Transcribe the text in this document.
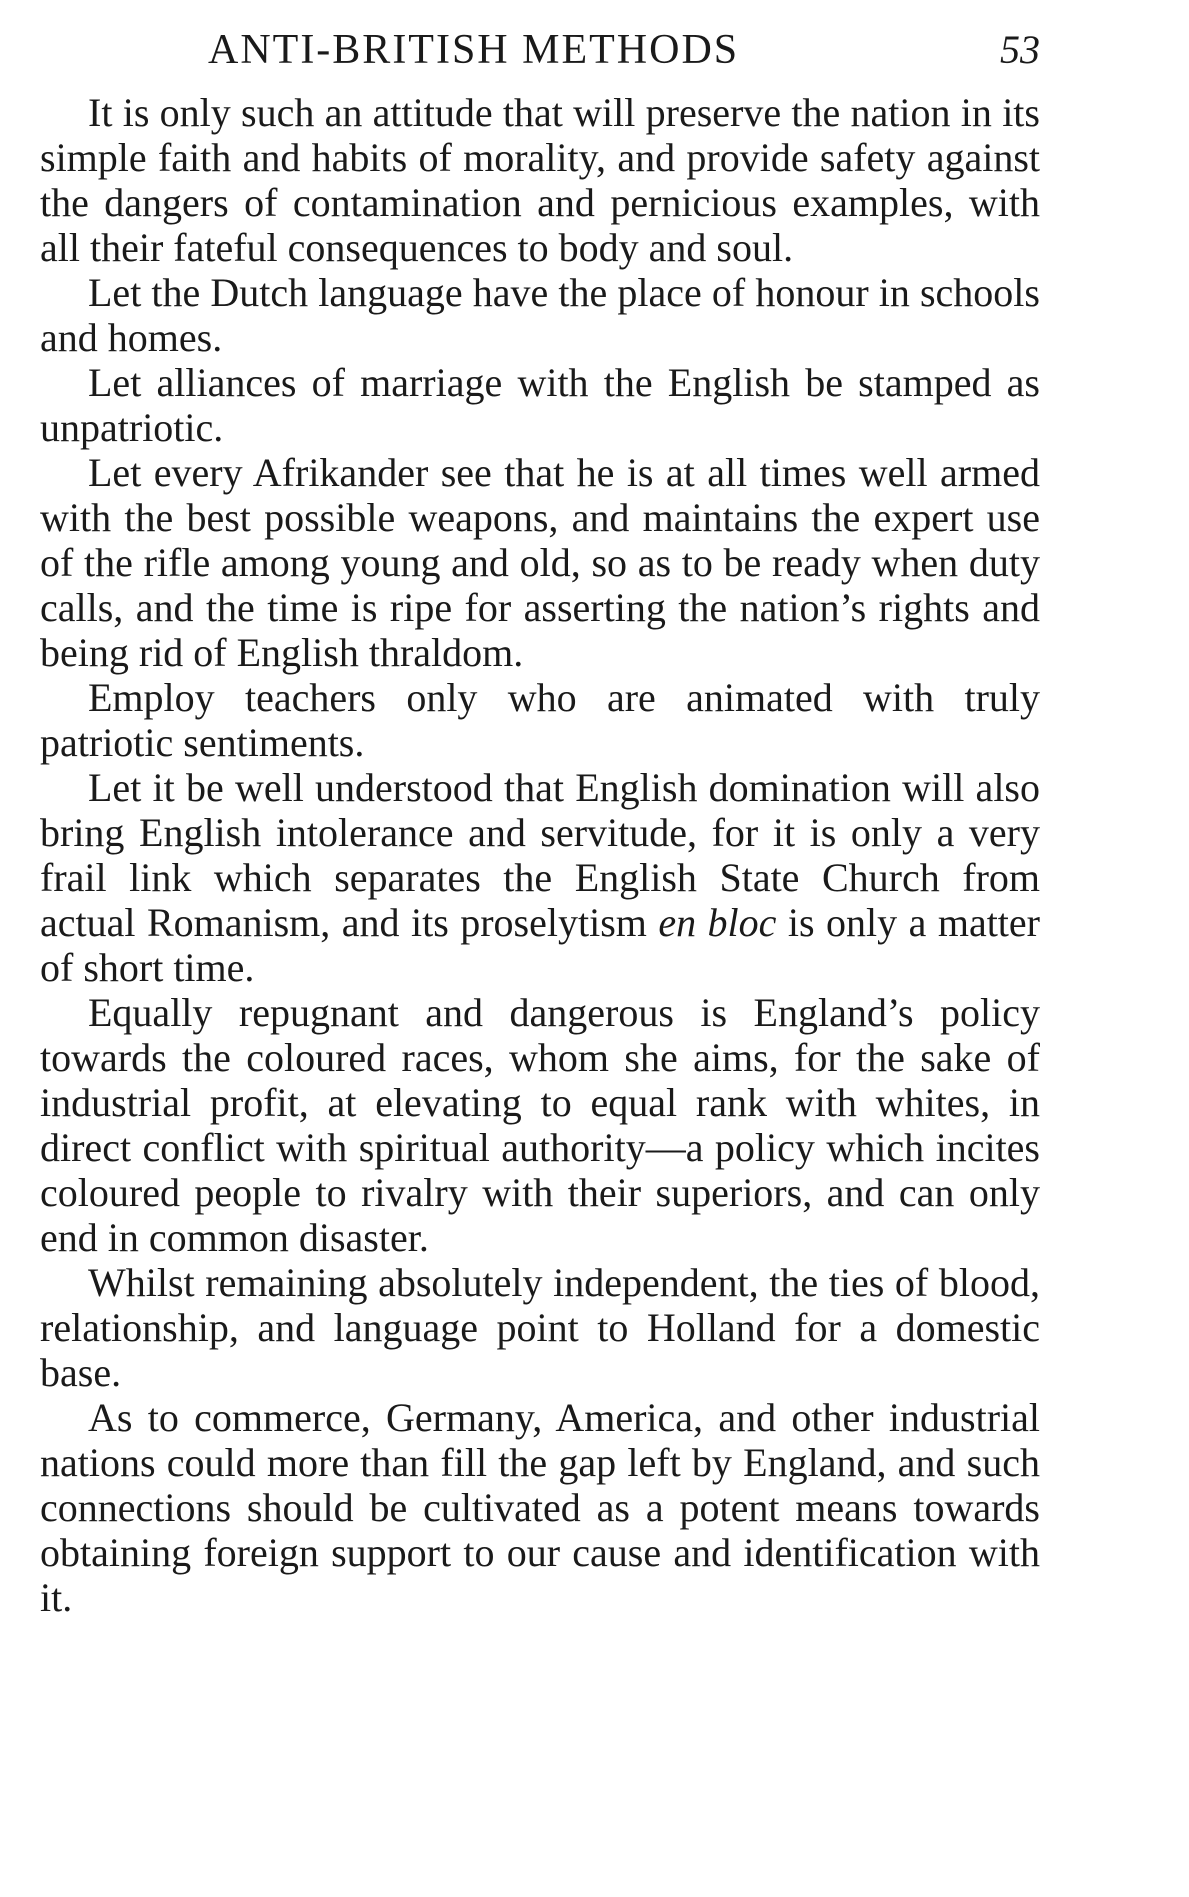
ANTI-BRITISH METHODS	53

It is only such an attitude that will preserve the nation in its simple faith and habits of morality, and provide safety against the dangers of contamination and pernicious examples, with all their fateful consequences to body and soul.

Let the Dutch language have the place of honour in schools and homes.

Let alliances of marriage with the English be stamped as unpatriotic.

Let every Afrikander see that he is at all times well armed with the best possible weapons, and maintains the expert use of the rifle among young and old, so as to be ready when duty calls, and the time is ripe for asserting the nation’s rights and being rid of English thraldom.

Employ teachers only who are animated with truly patriotic sentiments.

Let it be well understood that English domination will also bring English intolerance and servitude, for it is only a very frail link which separates the English State Church from actual Romanism, and its proselytism en bloc is only a matter of short time.

Equally repugnant and dangerous is England’s policy towards the coloured races, whom she aims, for the sake of industrial profit, at elevating to equal rank with whites, in direct conflict with spiritual authority—a policy which incites coloured people to rivalry with their superiors, and can only end in common disaster.

Whilst remaining absolutely independent, the ties of blood, relationship, and language point to Holland for a domestic base.

As to commerce, Germany, America, and other industrial nations could more than fill the gap left by England, and such connections should be cultivated as a potent means towards obtaining foreign support to our cause and identification with it.
